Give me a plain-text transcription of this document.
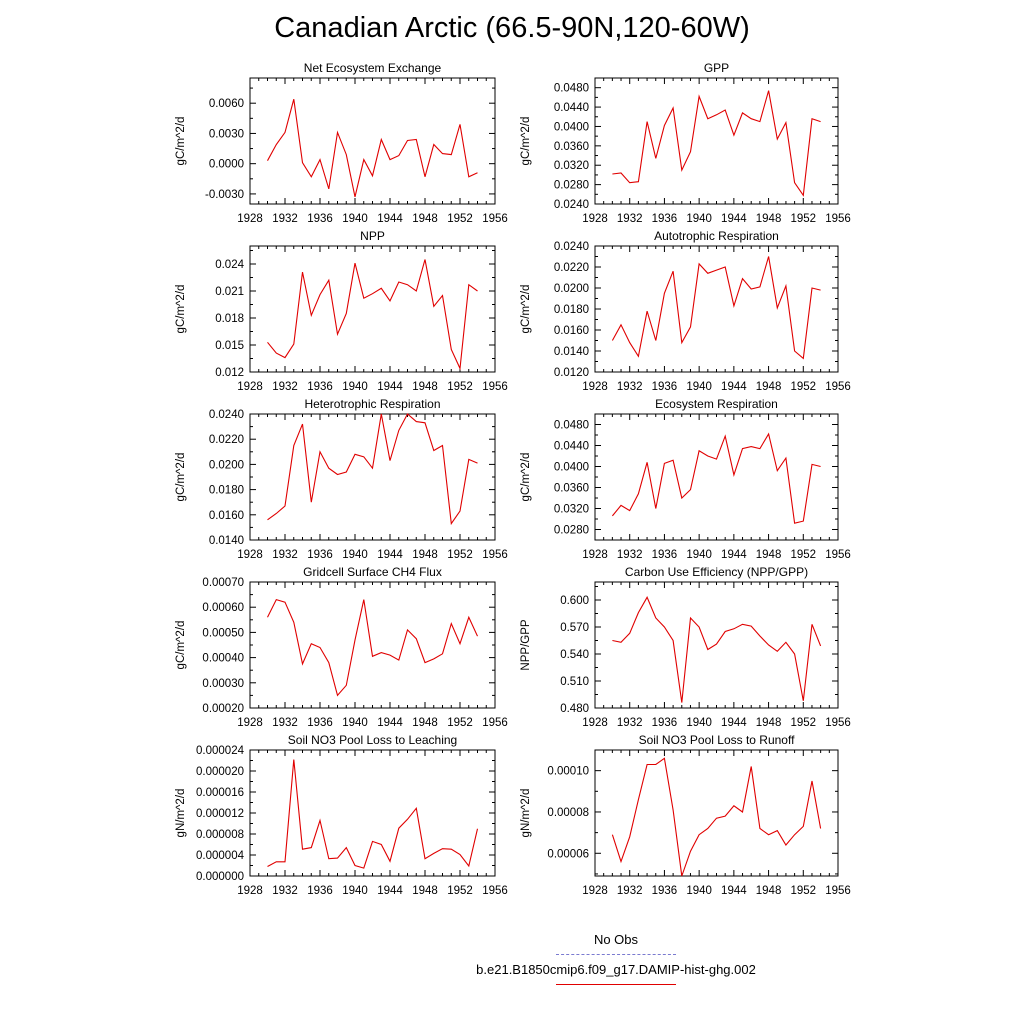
Canadian Arctic (66.5-90N,120-60W)
1928 1932 1936 1940 1944 1948 1952 1956
-0.0030
0.0000
0.0030
0.0060
Net Ecosystem Exchange
gC/m^2/d
1928 1932 1936 1940 1944 1948 1952 1956
0.0240
0.0280
0.0320
0.0360
0.0400
0.0440
0.0480
GPP
gC/m^2/d
1928 1932 1936 1940 1944 1948 1952 1956
0.012
0.015
0.018
0.021
0.024
NPP
gC/m^2/d
1928 1932 1936 1940 1944 1948 1952 1956
0.0120
0.0140
0.0160
0.0180
0.0200
0.0220
0.0240
Autotrophic Respiration
gC/m^2/d
1928 1932 1936 1940 1944 1948 1952 1956
0.0140
0.0160
0.0180
0.0200
0.0220
0.0240
Heterotrophic Respiration
gC/m^2/d
1928 1932 1936 1940 1944 1948 1952 1956
0.0280
0.0320
0.0360
0.0400
0.0440
0.0480
Ecosystem Respiration
gC/m^2/d
1928 1932 1936 1940 1944 1948 1952 1956
0.00020
0.00030
0.00040
0.00050
0.00060
0.00070
Gridcell Surface CH4 Flux
gC/m^2/d
1928 1932 1936 1940 1944 1948 1952 1956
0.480
0.510
0.540
0.570
0.600
Carbon Use Efficiency (NPP/GPP)
NPP/GPP
1928 1932 1936 1940 1944 1948 1952 1956
0.000000
0.000004
0.000008
0.000012
0.000016
0.000020
0.000024
Soil NO3 Pool Loss to Leaching
gN/m^2/d
1928 1932 1936 1940 1944 1948 1952 1956
0.00006
0.00008
0.00010
Soil NO3 Pool Loss to Runoff
gN/m^2/d
No Obs
b.e21.B1850cmip6.f09_g17.DAMIP-hist-ghg.002
